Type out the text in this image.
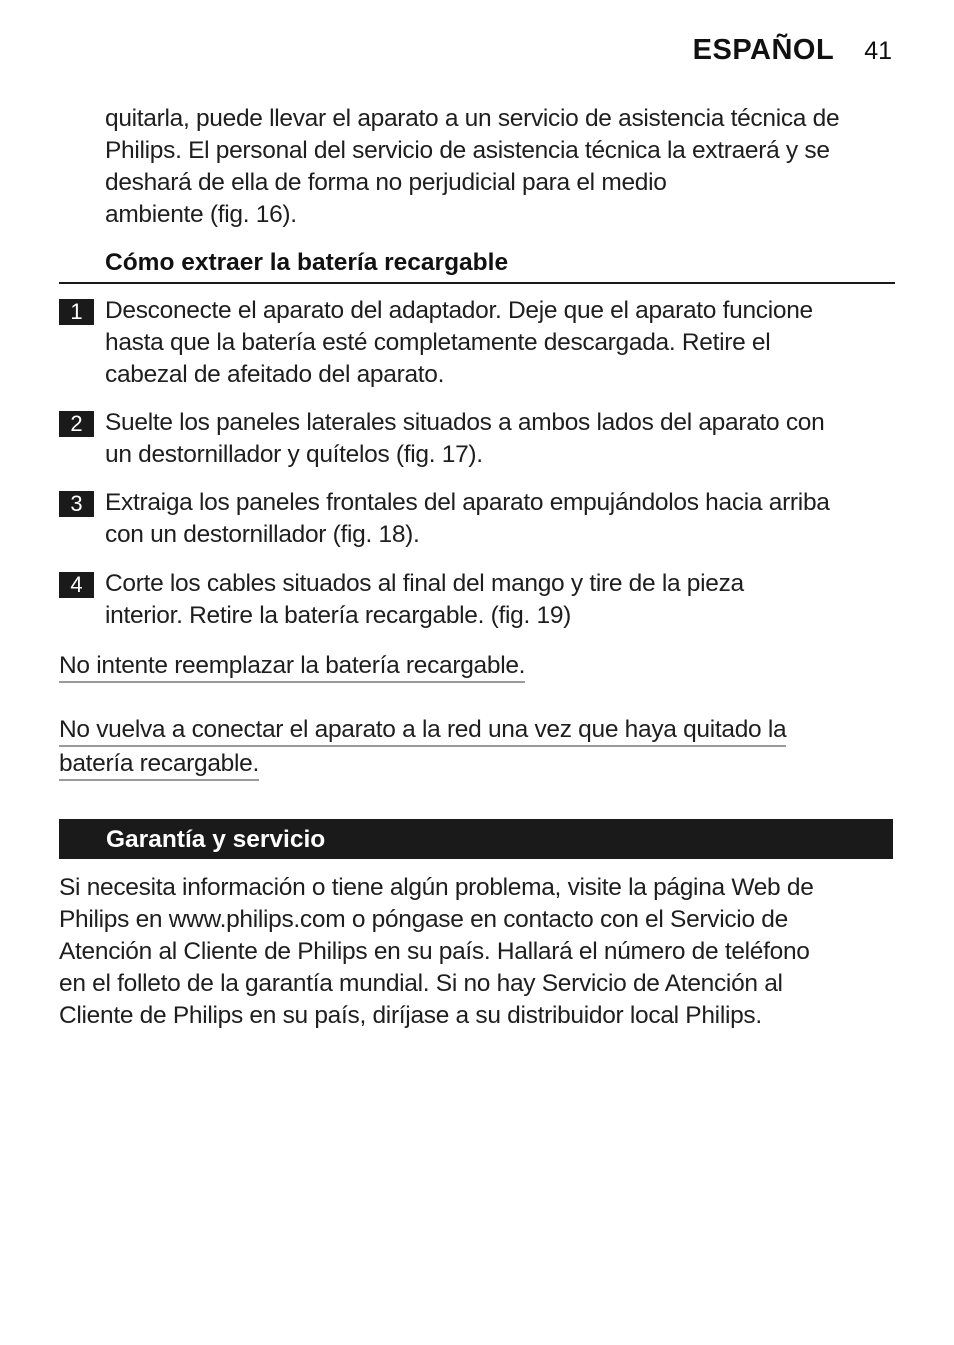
ESPAÑOL 41

quitarla, puede llevar el aparato a un servicio de asistencia técnica de
Philips. El personal del servicio de asistencia técnica la extraerá y se
deshará de ella de forma no perjudicial para el medio
ambiente (fig. 16).

Cómo extraer la batería recargable
1 Desconecte el aparato del adaptador. Deje que el aparato funcione
hasta que la batería esté completamente descargada. Retire el
cabezal de afeitado del aparato.
2 Suelte los paneles laterales situados a ambos lados del aparato con
un destornillador y quítelos (fig. 17).
3 Extraiga los paneles frontales del aparato empujándolos hacia arriba
con un destornillador (fig. 18).
4 Corte los cables situados al final del mango y tire de la pieza
interior. Retire la batería recargable. (fig. 19)
No intente reemplazar la batería recargable.
No vuelva a conectar el aparato a la red una vez que haya quitado la
batería recargable.
Garantía y servicio
Si necesita información o tiene algún problema, visite la página Web de
Philips en www.philips.com o póngase en contacto con el Servicio de
Atención al Cliente de Philips en su país. Hallará el número de teléfono
en el folleto de la garantía mundial. Si no hay Servicio de Atención al
Cliente de Philips en su país, diríjase a su distribuidor local Philips.
